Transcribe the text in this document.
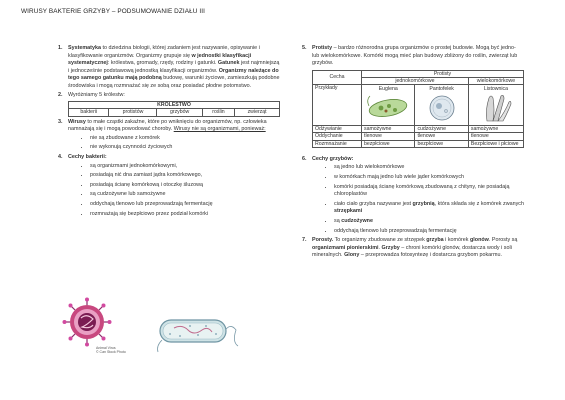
WIRUSY BAKTERIE GRZYBY – PODSUMOWANIE DZIAŁU III
1. Systematyka to dziedzina biologii, której zadaniem jest nazywanie, opisywanie i klasyfikowanie organizmów. Organizmy grupuje się w jednostki klasyfikacji systematycznej: królestwa, gromady, rzędy, rodziny i gatunki. Gatunek jest najmniejszą i jednocześnie podstawową jednostką klasyfikacji organizmów. Organizmy należące do tego samego gatunku mają podobną budowę, warunki życiowe, zamieszkują podobne środowiska i mogą rozmnażać się ze sobą oraz posiadać płodne potomstwo.
2. Wyróżniamy 5 królestw:
KRÓLESTWO
bakterii	protistów	grzybów	roślin	zwierząt
3. Wirusy to małe cząstki zakaźne, które po wniknięciu do organizmów, np. człowieka namnażają się i mogą powodować choroby. Wirusy nie są organizmami, ponieważ:
• nie są zbudowane z komórek
• nie wykonują czynności życiowych
4. Cechy bakterii:
• są organizmami jednokomórkowymi,
• posiadają nić dna zamiast jądra komórkowego,
• posiadają ścianę komórkową i otoczkę śluzową
• są cudzożywne lub samożywne
• oddychają tlenowo lub przeprowadzają fermentację
• rozmnażają się bezpłciowo przez podział komórki
Animal Virus
© Can Stock Photo
5. Protisty – bardzo różnorodna grupa organizmów o prostej budowie. Mogą być jedno- lub wielokomórkowe. Komórki mogą mieć plan budowy zbliżony do roślin, zwierząt lub grzybów.
Cecha	Protisty		
	jednokomórkowe		wielokomórkowe
Przykłady	Euglena	Pantofelek	Listownica

Odżywianie	samożywne	cudzożywne	samożywne
Oddychanie	tlenowe	tlenowe	tlenowe
Rozmnażanie	bezpłciowe	bezpłciowe	Bezpłciowe i płciowe
6. Cechy grzybów:
• są jedno lub wielokomórkowe
• w komórkach mają jedno lub wiele jąder komórkowych
• komórki posiadają ścianę komórkową zbudowaną z chityny, nie posiadają chloroplastów
• ciało ciało grzyba nazywane jest grzybnią, która składa się z komórek zwanych strzępkami
• są cudzożywne
• oddychają tlenowo lub przeprowadzają fermentację
7. Porosty. To organizmy zbudowane ze strzępek grzyba i komórek glonów. Porosty są organizmami pionierskimi. Grzyby – chroni komórki glonów, dostarcza wody i soli mineralnych. Glony – przeprowadza fotosyntezę i dostarcza grzybom pokarmu.
